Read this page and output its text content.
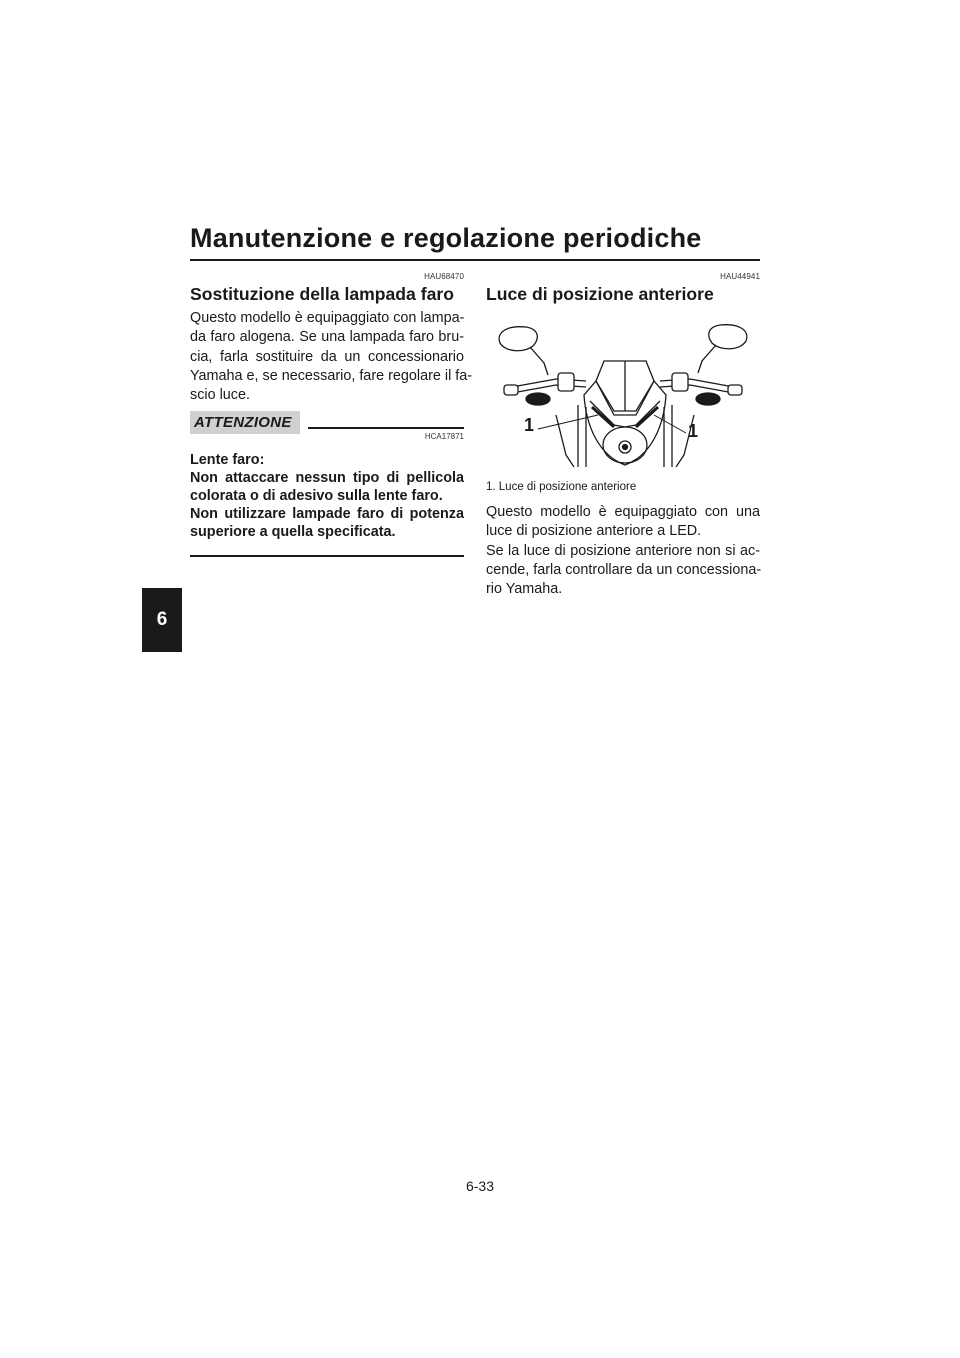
Manutenzione e regolazione periodiche
6
HAU68470
Sostituzione della lampada faro
Questo modello è equipaggiato con lampa-
da faro alogena. Se una lampada faro bru-
cia, farla sostituire da un concessionario
Yamaha e, se necessario, fare regolare il fa-
scio luce.
ATTENZIONE
HCA17871
Lente faro:
Non attaccare nessun tipo di pellicola
colorata o di adesivo sulla lente faro.
Non utilizzare lampade faro di potenza
superiore a quella specificata.
HAU44941
Luce di posizione anteriore
1	1
1. Luce di posizione anteriore
Questo modello è equipaggiato con una
luce di posizione anteriore a LED.
Se la luce di posizione anteriore non si ac-
cende, farla controllare da un concessiona-
rio Yamaha.
6-33
